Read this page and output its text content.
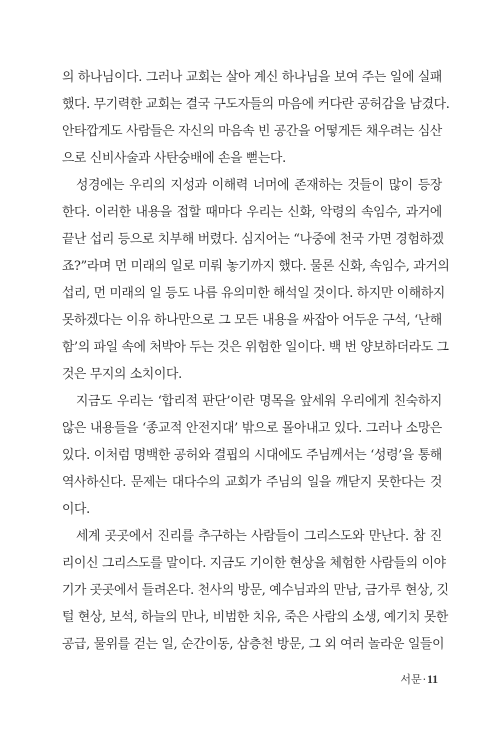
의 하나님이다. 그러나 교회는 살아 계신 하나님을 보여 주는 일에 실패
했다. 무기력한 교회는 결국 구도자들의 마음에 커다란 공허감을 남겼다.
안타깝게도 사람들은 자신의 마음속 빈 공간을 어떻게든 채우려는 심산
으로 신비사술과 사탄숭배에 손을 뻗는다.
성경에는 우리의 지성과 이해력 너머에 존재하는 것들이 많이 등장
한다. 이러한 내용을 접할 때마다 우리는 신화, 악령의 속임수, 과거에
끝난 섭리 등으로 치부해 버렸다. 심지어는 “나중에 천국 가면 경험하겠
죠?”라며 먼 미래의 일로 미뤄 놓기까지 했다. 물론 신화, 속임수, 과거의
섭리, 먼 미래의 일 등도 나름 유의미한 해석일 것이다. 하지만 이해하지
못하겠다는 이유 하나만으로 그 모든 내용을 싸잡아 어두운 구석, ‘난해
함’의 파일 속에 처박아 두는 것은 위험한 일이다. 백 번 양보하더라도 그
것은 무지의 소치이다.
지금도 우리는 ‘합리적 판단’이란 명목을 앞세워 우리에게 친숙하지
않은 내용들을 ‘종교적 안전지대’ 밖으로 몰아내고 있다. 그러나 소망은
있다. 이처럼 명백한 공허와 결핍의 시대에도 주님께서는 ‘성령’을 통해
역사하신다. 문제는 대다수의 교회가 주님의 일을 깨닫지 못한다는 것
이다.
세계 곳곳에서 진리를 추구하는 사람들이 그리스도와 만난다. 참 진
리이신 그리스도를 말이다. 지금도 기이한 현상을 체험한 사람들의 이야
기가 곳곳에서 들려온다. 천사의 방문, 예수님과의 만남, 금가루 현상, 깃
털 현상, 보석, 하늘의 만나, 비범한 치유, 죽은 사람의 소생, 예기치 못한
공급, 물위를 걷는 일, 순간이동, 삼층천 방문, 그 외 여러 놀라운 일들이
서문·11
